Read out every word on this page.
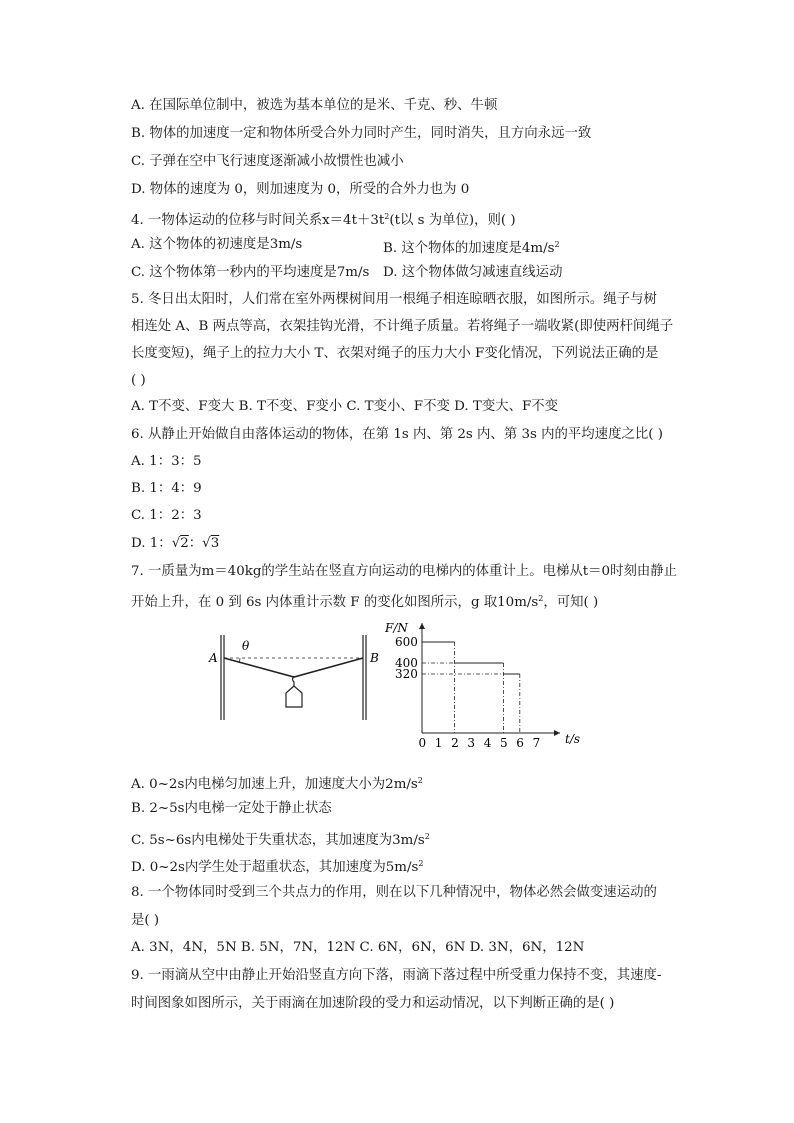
A. 在国际单位制中，被选为基本单位的是米、千克、秒、牛顿
B. 物体的加速度一定和物体所受合外力同时产生，同时消失，且方向永远一致
C. 子弹在空中飞行速度逐渐减小故惯性也减小
D. 物体的速度为 0，则加速度为 0，所受的合外力也为 0
4. 一物体运动的位移与时间关系$x=4t+3t^2(t$以 s 为单位)，则( )
A. 这个物体的初速度是3m/s	B. 这个物体的加速度是$4m/s^2$
C. 这个物体第一秒内的平均速度是7m/s D. 这个物体做匀减速直线运动
5. 冬日出太阳时，人们常在室外两棵树间用一根绳子相连晾晒衣服，如图所示。绳子与树
相连处 A、B 两点等高，衣架挂钩光滑，不计绳子质量。若将绳子一端收紧(即使两杆间绳子
长度变短)，绳子上的拉力大小 T、衣架对绳子的压力大小 F变化情况，下列说法正确的是
( )
A. T不变、F变大 B. T不变、F变小 C. T变小、F不变 D. T变大、F不变
6. 从静止开始做自由落体运动的物体，在第 1s 内、第 2s 内、第 3s 内的平均速度之比( )
A. 1：3：5
B. 1：4：9
C. 1：2：3
D. 1：√2：√3
7. 一质量为m＝40kg的学生站在竖直方向运动的电梯内的体重计上。电梯从t＝0时刻由静止
开始上升，在 0 到 6s 内体重计示数 F 的变化如图所示，g 取$10m/s^2$，可知( )
A	B
θ
F/N
t/s
0 1 2 3 4 5 6 7
600
400
320
A. 0~2s内电梯匀加速上升，加速度大小为$2m/s^2$
B. 2~5s内电梯一定处于静止状态
C. 5s~6s内电梯处于失重状态，其加速度为$3m/s^2$
D. 0~2s内学生处于超重状态，其加速度为$5m/s^2$
8. 一个物体同时受到三个共点力的作用，则在以下几种情况中，物体必然会做变速运动的
是( )
A. 3N，4N，5N B. 5N，7N，12N C. 6N，6N，6N D. 3N，6N，12N
9. 一雨滴从空中由静止开始沿竖直方向下落，雨滴下落过程中所受重力保持不变，其速度-
时间图象如图所示，关于雨滴在加速阶段的受力和运动情况，以下判断正确的是( )
